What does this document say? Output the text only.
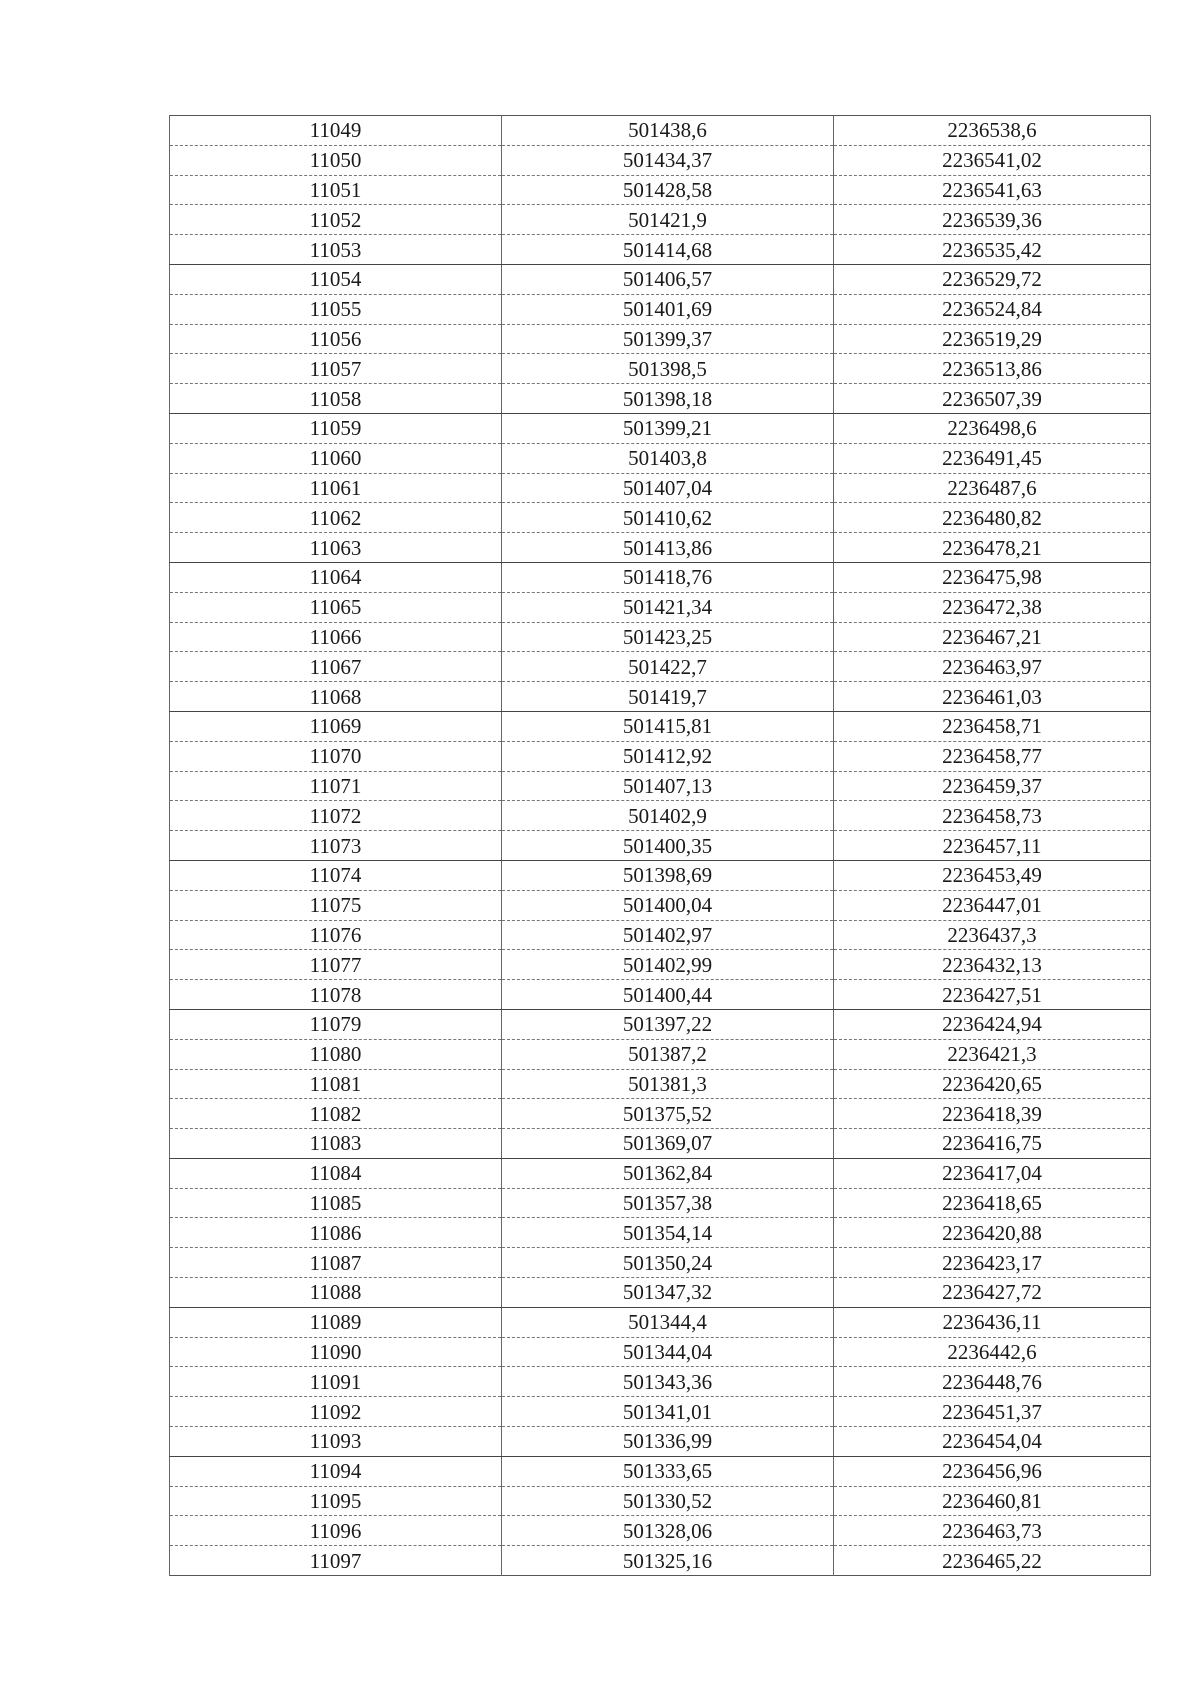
11049	501438,6	2236538,6
11050	501434,37	2236541,02
11051	501428,58	2236541,63
11052	501421,9	2236539,36
11053	501414,68	2236535,42
11054	501406,57	2236529,72
11055	501401,69	2236524,84
11056	501399,37	2236519,29
11057	501398,5	2236513,86
11058	501398,18	2236507,39
11059	501399,21	2236498,6
11060	501403,8	2236491,45
11061	501407,04	2236487,6
11062	501410,62	2236480,82
11063	501413,86	2236478,21
11064	501418,76	2236475,98
11065	501421,34	2236472,38
11066	501423,25	2236467,21
11067	501422,7	2236463,97
11068	501419,7	2236461,03
11069	501415,81	2236458,71
11070	501412,92	2236458,77
11071	501407,13	2236459,37
11072	501402,9	2236458,73
11073	501400,35	2236457,11
11074	501398,69	2236453,49
11075	501400,04	2236447,01
11076	501402,97	2236437,3
11077	501402,99	2236432,13
11078	501400,44	2236427,51
11079	501397,22	2236424,94
11080	501387,2	2236421,3
11081	501381,3	2236420,65
11082	501375,52	2236418,39
11083	501369,07	2236416,75
11084	501362,84	2236417,04
11085	501357,38	2236418,65
11086	501354,14	2236420,88
11087	501350,24	2236423,17
11088	501347,32	2236427,72
11089	501344,4	2236436,11
11090	501344,04	2236442,6
11091	501343,36	2236448,76
11092	501341,01	2236451,37
11093	501336,99	2236454,04
11094	501333,65	2236456,96
11095	501330,52	2236460,81
11096	501328,06	2236463,73
11097	501325,16	2236465,22
